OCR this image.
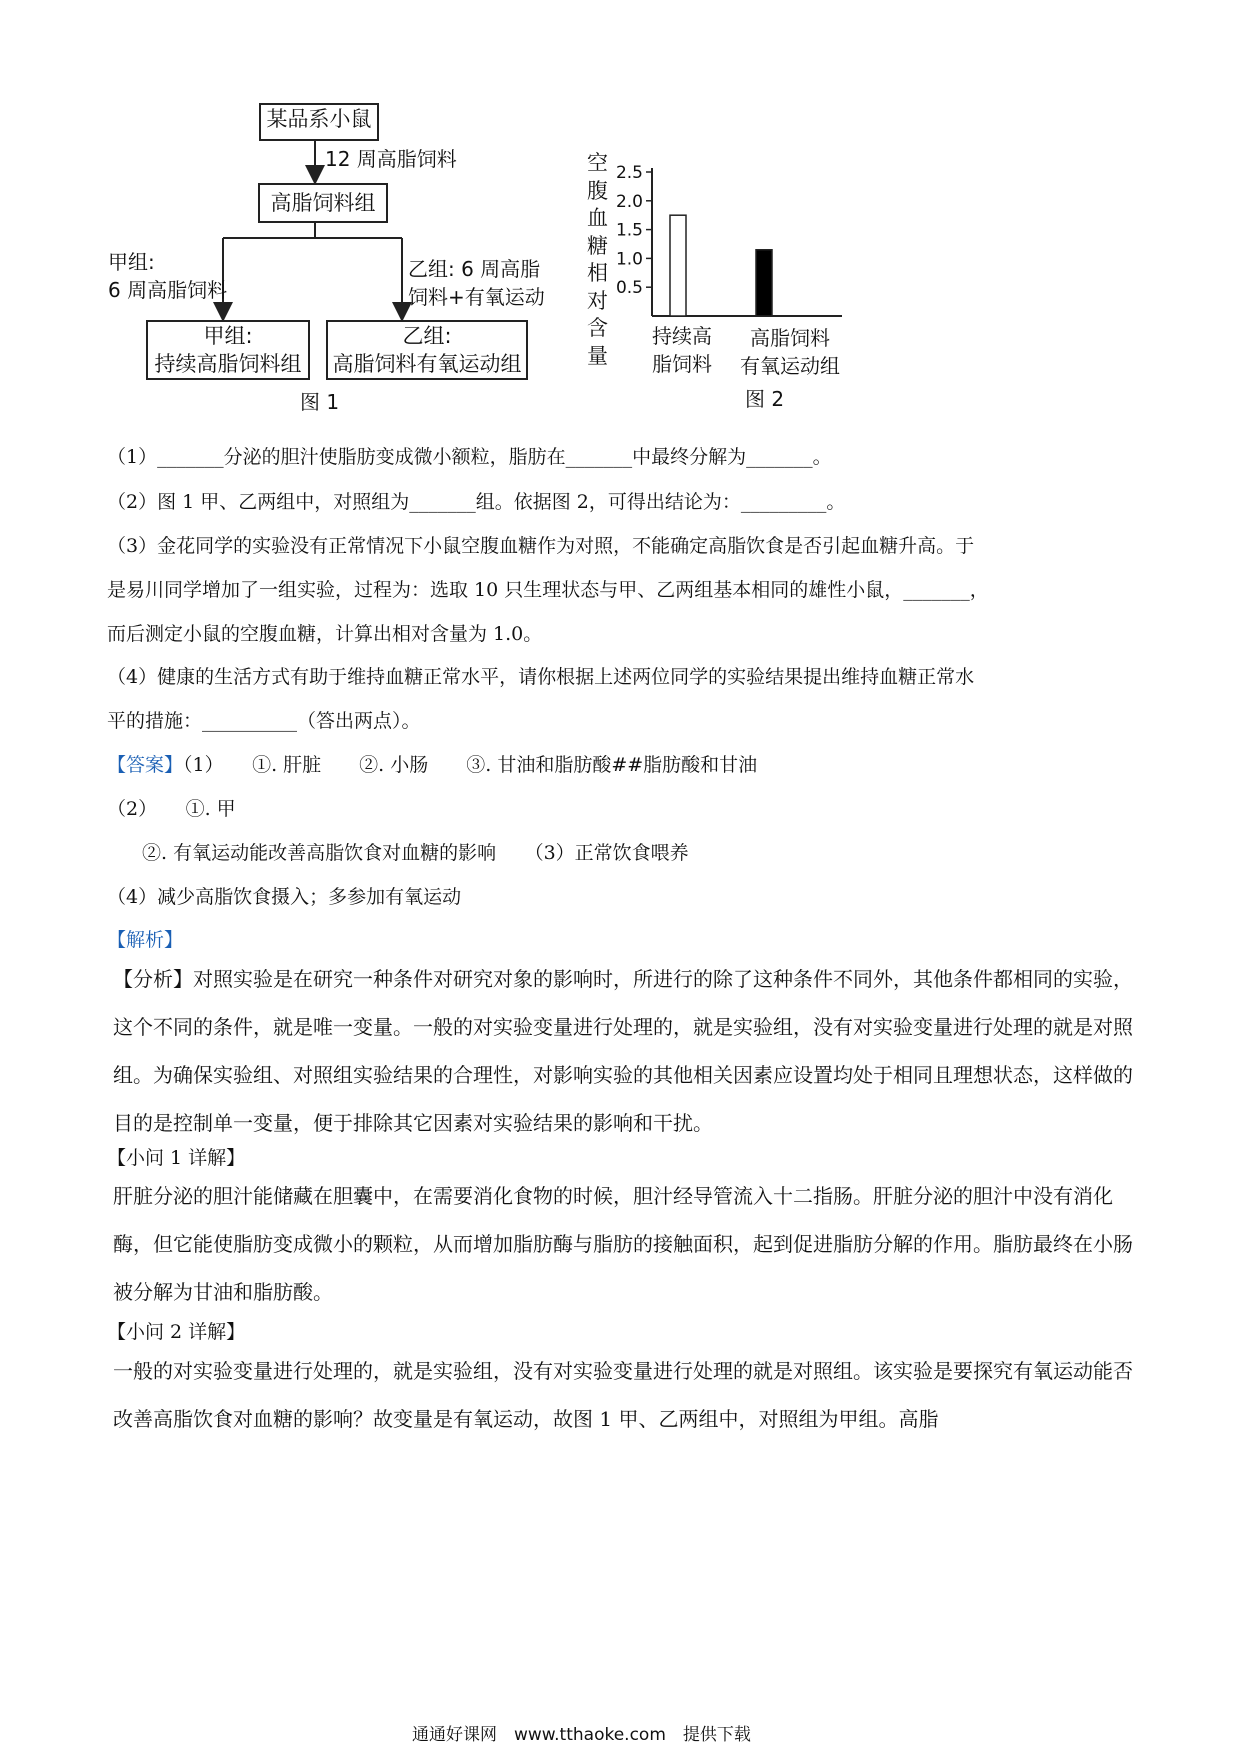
某品系小鼠
12 周高脂饲料
高脂饲料组
甲组:
6 周高脂饲料
乙组: 6 周高脂
饲料+有氧运动
甲组:
持续高脂饲料组
乙组:
高脂饲料有氧运动组
图 1
空
腹
血
糖
相
对
含
量
2.5
2.0
1.5
1.0
0.5
持续高
脂饲料
高脂饲料
有氧运动组
图 2
（1）_______分泌的胆汁使脂肪变成微小额粒，脂肪在_______中最终分解为_______。
（2）图 1 甲、乙两组中，对照组为_______组。依据图 2，可得出结论为：_________。
（3）金花同学的实验没有正常情况下小鼠空腹血糖作为对照，不能确定高脂饮食是否引起血糖升高。于
是易川同学增加了一组实验，过程为：选取 10 只生理状态与甲、乙两组基本相同的雄性小鼠，_______，
而后测定小鼠的空腹血糖，计算出相对含量为 1.0。
（4）健康的生活方式有助于维持血糖正常水平，请你根据上述两位同学的实验结果提出维持血糖正常水
平的措施：__________（答出两点）。
【答案】（1）　　①. 肝脏　　②. 小肠　　③. 甘油和脂肪酸##脂肪酸和甘油
（2）　　①. 甲
②. 有氧运动能改善高脂饮食对血糖的影响　　（3）正常饮食喂养
（4）减少高脂饮食摄入；多参加有氧运动
【解析】
【分析】对照实验是在研究一种条件对研究对象的影响时，所进行的除了这种条件不同外，其他条件都相同的实验，这个不同的条件，就是唯一变量。一般的对实验变量进行处理的，就是实验组，没有对实验变量进行处理的就是对照组。为确保实验组、对照组实验结果的合理性，对影响实验的其他相关因素应设置均处于相同且理想状态，这样做的目的是控制单一变量，便于排除其它因素对实验结果的影响和干扰。
【小问 1 详解】
肝脏分泌的胆汁能储藏在胆囊中，在需要消化食物的时候，胆汁经导管流入十二指肠。肝脏分泌的胆汁中没有消化酶，但它能使脂肪变成微小的颗粒，从而增加脂肪酶与脂肪的接触面积，起到促进脂肪分解的作用。脂肪最终在小肠被分解为甘油和脂肪酸。
【小问 2 详解】
一般的对实验变量进行处理的，就是实验组，没有对实验变量进行处理的就是对照组。该实验是要探究有氧运动能否改善高脂饮食对血糖的影响？故变量是有氧运动，故图 1 甲、乙两组中，对照组为甲组。高脂
通通好课网　www.tthaoke.com　提供下载
